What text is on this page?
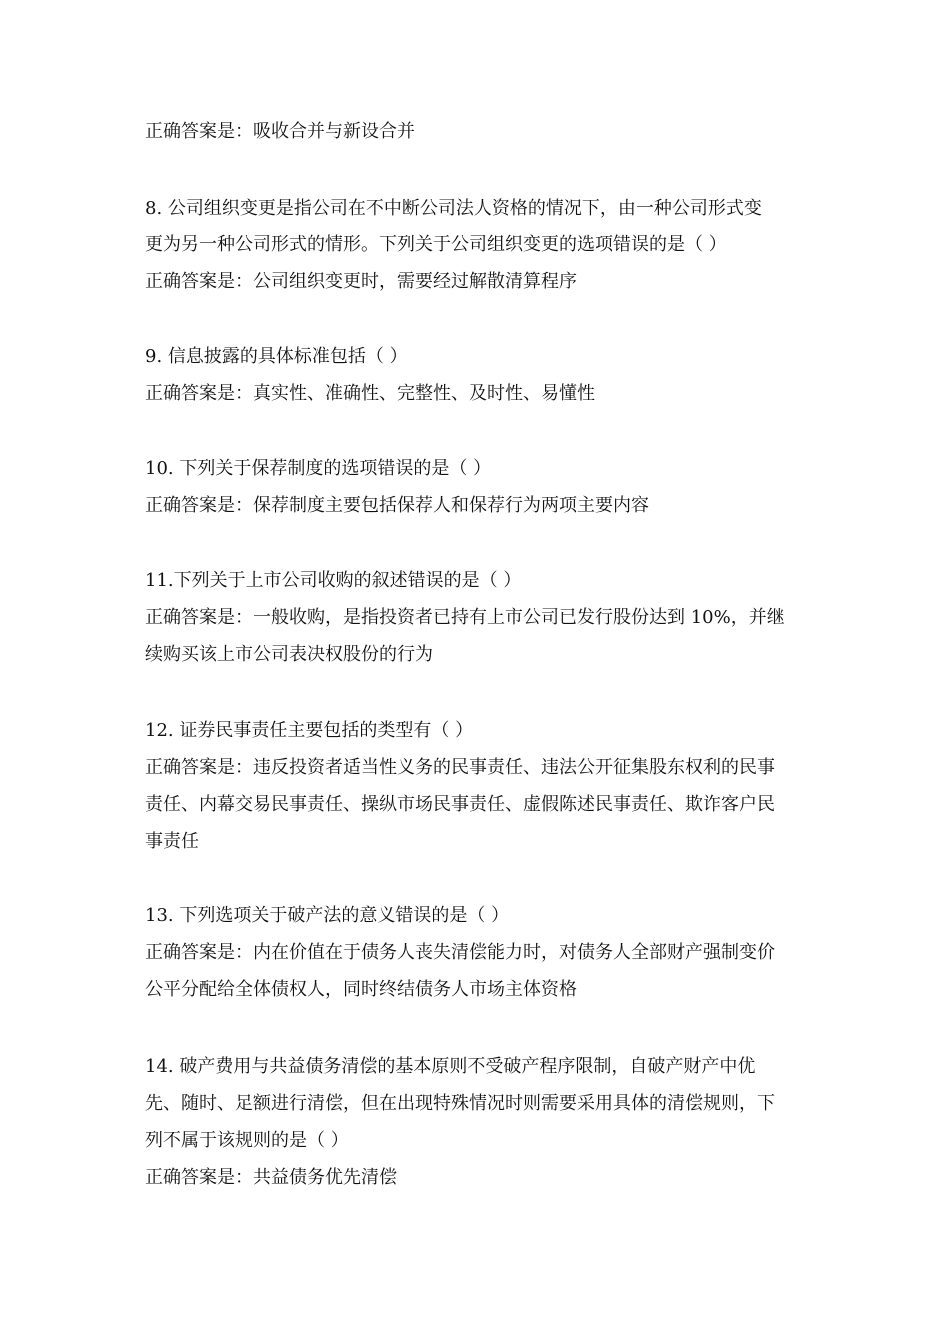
正确答案是：吸收合并与新设合并
8. 公司组织变更是指公司在不中断公司法人资格的情况下，由一种公司形式变
更为另一种公司形式的情形。下列关于公司组织变更的选项错误的是（ ）
正确答案是：公司组织变更时，需要经过解散清算程序
9. 信息披露的具体标准包括（ ）
正确答案是：真实性、准确性、完整性、及时性、易懂性
10. 下列关于保荐制度的选项错误的是（ ）
正确答案是：保荐制度主要包括保荐人和保荐行为两项主要内容
11.下列关于上市公司收购的叙述错误的是（ ）
正确答案是：一般收购，是指投资者已持有上市公司已发行股份达到 10%，并继
续购买该上市公司表决权股份的行为
12. 证券民事责任主要包括的类型有（ ）
正确答案是：违反投资者适当性义务的民事责任、违法公开征集股东权利的民事
责任、内幕交易民事责任、操纵市场民事责任、虚假陈述民事责任、欺诈客户民
事责任
13. 下列选项关于破产法的意义错误的是（ ）
正确答案是：内在价值在于债务人丧失清偿能力时，对债务人全部财产强制变价
公平分配给全体债权人，同时终结债务人市场主体资格
14. 破产费用与共益债务清偿的基本原则不受破产程序限制，自破产财产中优
先、随时、足额进行清偿，但在出现特殊情况时则需要采用具体的清偿规则，下
列不属于该规则的是（ ）
正确答案是：共益债务优先清偿
